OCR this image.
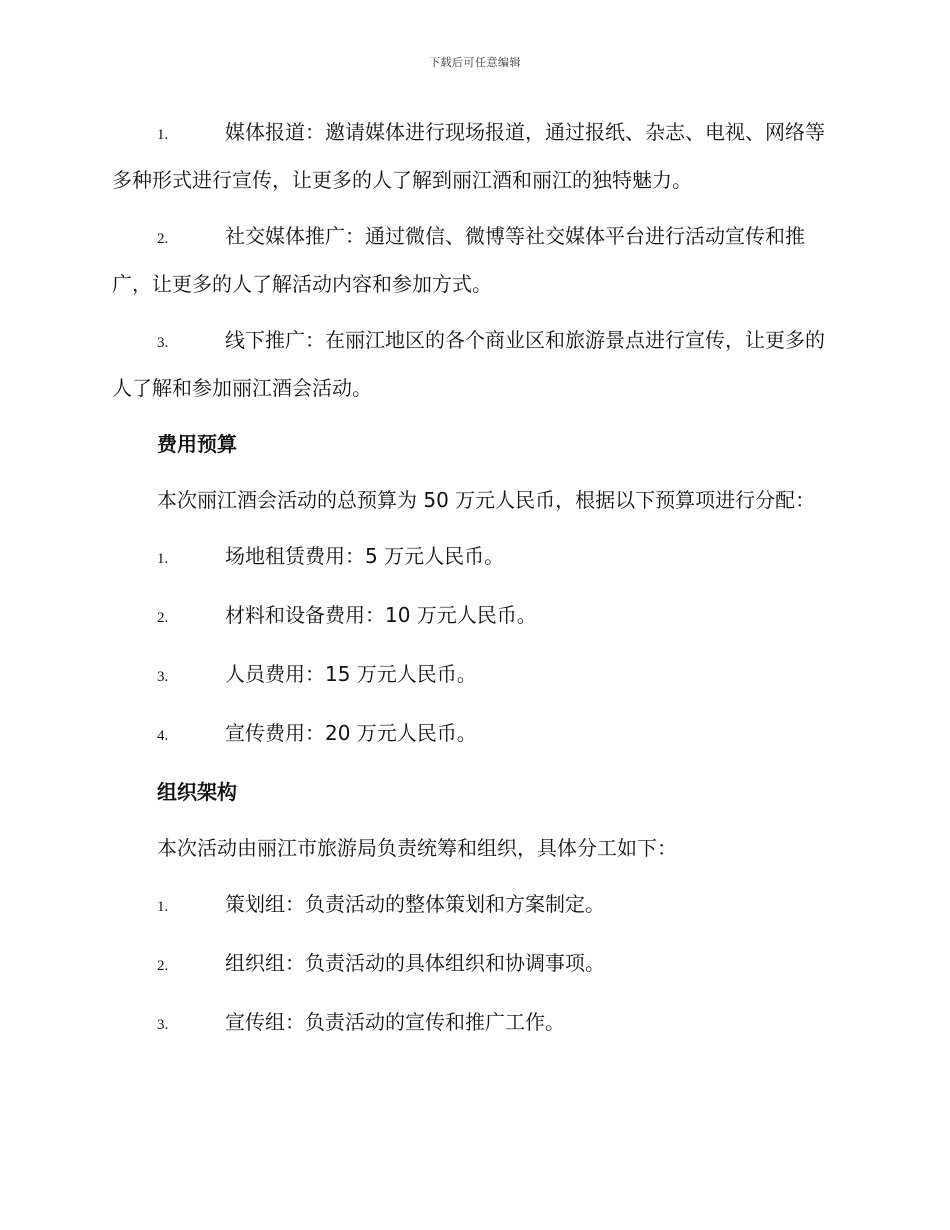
下载后可任意编辑
1.	媒体报道：邀请媒体进行现场报道，通过报纸、杂志、电视、网络等多种形式进行宣传，让更多的人了解到丽江酒和丽江的独特魅力。
2.	社交媒体推广：通过微信、微博等社交媒体平台进行活动宣传和推广，让更多的人了解活动内容和参加方式。
3.	线下推广：在丽江地区的各个商业区和旅游景点进行宣传，让更多的人了解和参加丽江酒会活动。
费用预算
本次丽江酒会活动的总预算为 50 万元人民币，根据以下预算项进行分配：
1.	场地租赁费用：5 万元人民币。
2.	材料和设备费用：10 万元人民币。
3.	人员费用：15 万元人民币。
4.	宣传费用：20 万元人民币。
组织架构
本次活动由丽江市旅游局负责统筹和组织，具体分工如下：
1.	策划组：负责活动的整体策划和方案制定。
2.	组织组：负责活动的具体组织和协调事项。
3.	宣传组：负责活动的宣传和推广工作。
